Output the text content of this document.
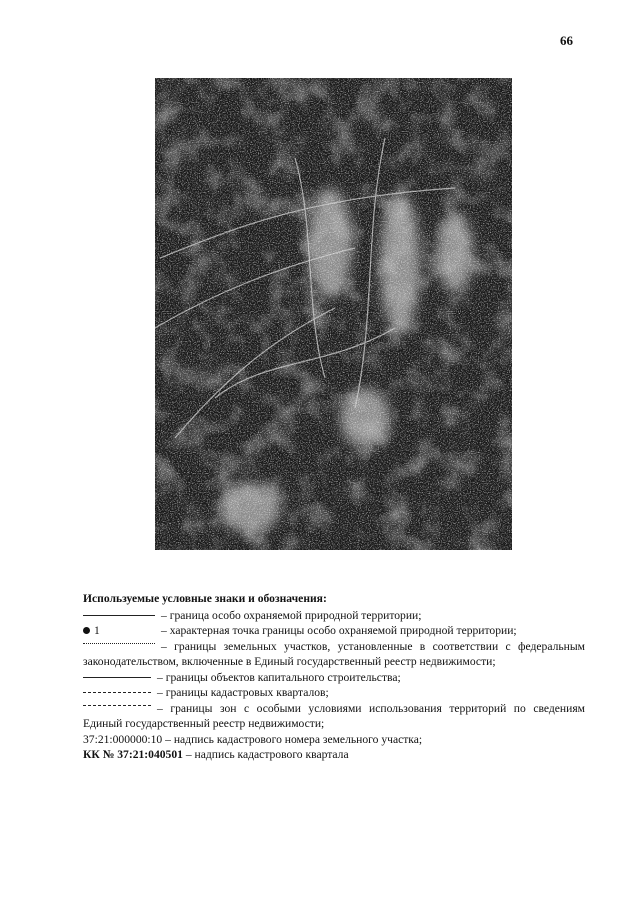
66
Используемые условные знаки и обозначения:
– граница особо охраняемой природной территории;
1	– характерная точка границы особо охраняемой природной территории;
– границы земельных участков, установленные в соответствии с федеральным законодательством, включенные в Единый государственный реестр недвижимости;
– границы объектов капитального строительства;
– границы кадастровых кварталов;
– границы зон с особыми условиями использования территорий по сведениям Единый государственный реестр недвижимости;
37:21:000000:10 – надпись кадастрового номера земельного участка;
КК № 37:21:040501 – надпись кадастрового квартала
